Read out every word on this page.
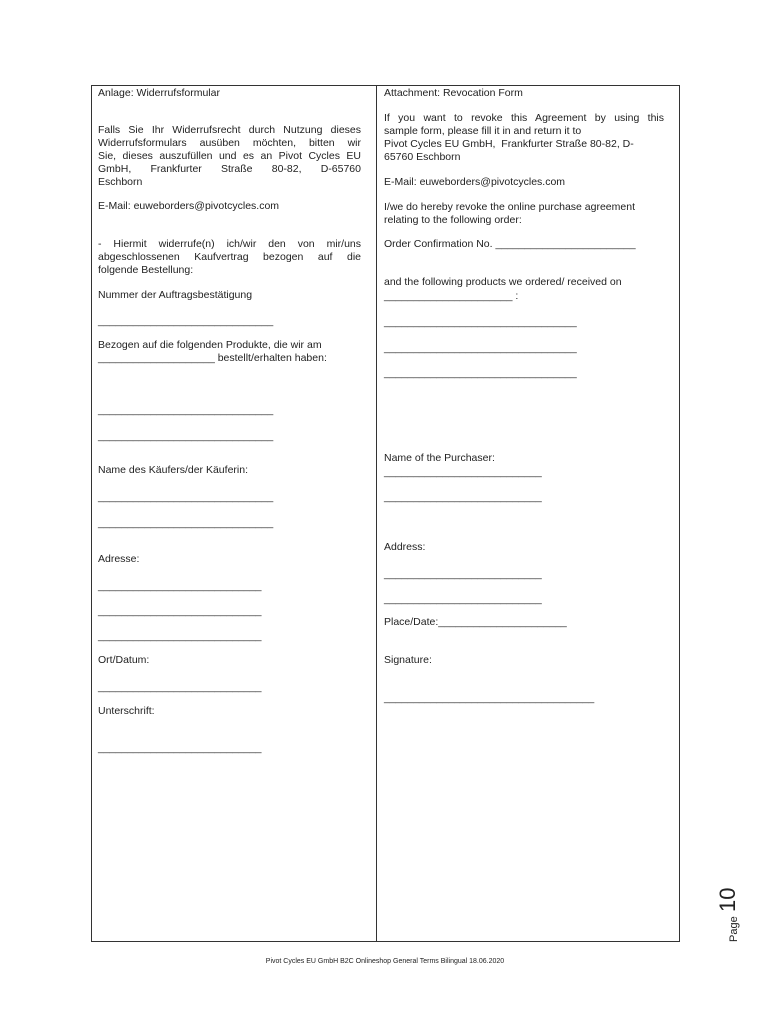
Anlage: Widerrufsformular
Falls Sie Ihr Widerrufsrecht durch Nutzung dieses
Widerrufsformulars ausüben möchten, bitten wir
Sie, dieses auszufüllen und es an Pivot Cycles EU
GmbH, Frankfurter Straße 80-82, D-65760
Eschborn
E-Mail: euweborders@pivotcycles.com
- Hiermit widerrufe(n) ich/wir den von mir/uns
abgeschlossenen Kaufvertrag bezogen auf die
folgende Bestellung:
Nummer der Auftragsbestätigung
______________________________
Bezogen auf die folgenden Produkte, die wir am
____________________ bestellt/erhalten haben:
______________________________
______________________________
Name des Käufers/der Käuferin:
______________________________
______________________________
Adresse:
____________________________
____________________________
____________________________
Ort/Datum:
____________________________
Unterschrift:
____________________________
Attachment: Revocation Form
If you want to revoke this Agreement by using this
sample form, please fill it in and return it to
Pivot Cycles EU GmbH,  Frankfurter Straße 80-82, D-
65760 Eschborn
E-Mail: euweborders@pivotcycles.com
I/we do hereby revoke the online purchase agreement
relating to the following order:
Order Confirmation No. ________________________
and the following products we ordered/ received on
______________________ :
_________________________________
_________________________________
_________________________________
Name of the Purchaser:
___________________________
___________________________
Address:
___________________________
___________________________
Place/Date:______________________
Signature:
____________________________________
Pivot Cycles EU GmbH B2C Onlineshop General Terms Bilingual 18.06.2020
Page
10
